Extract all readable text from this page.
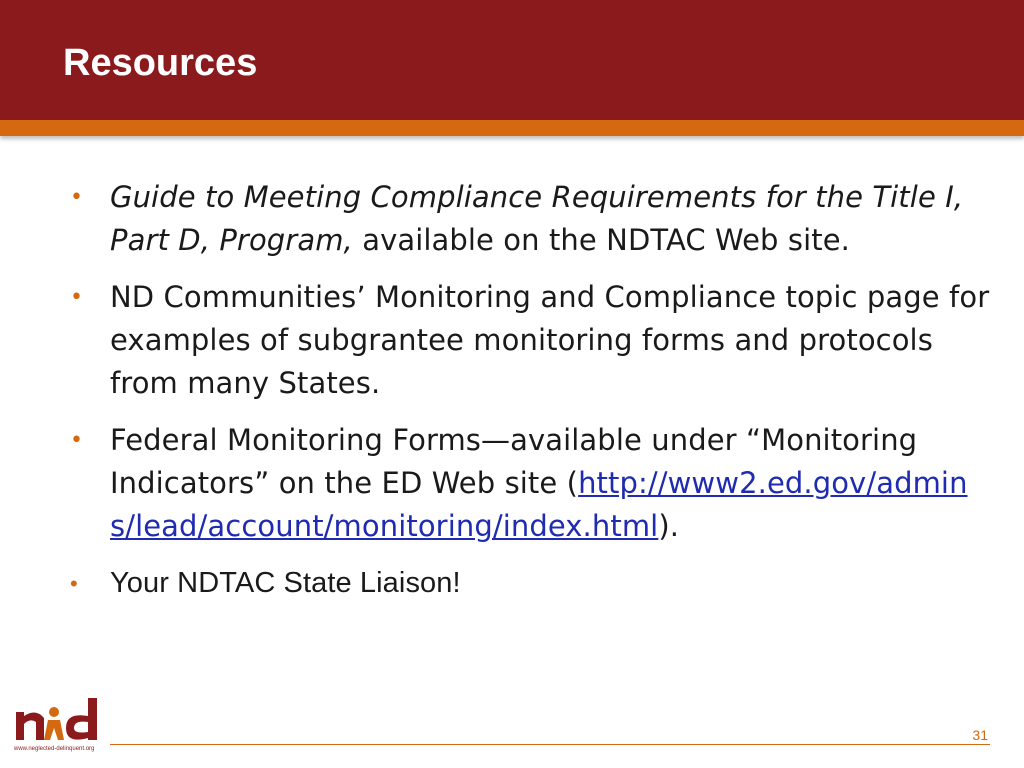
Resources
• Guide to Meeting Compliance Requirements for the Title I, Part D, Program, available on the NDTAC Web site.
• ND Communities’ Monitoring and Compliance topic page for examples of subgrantee monitoring forms and protocols from many States.
• Federal Monitoring Forms—available under “Monitoring Indicators” on the ED Web site (http://www2.ed.gov/admins/lead/account/monitoring/index.html).
• Your NDTAC State Liaison!
www.neglected-delinquent.org
31
